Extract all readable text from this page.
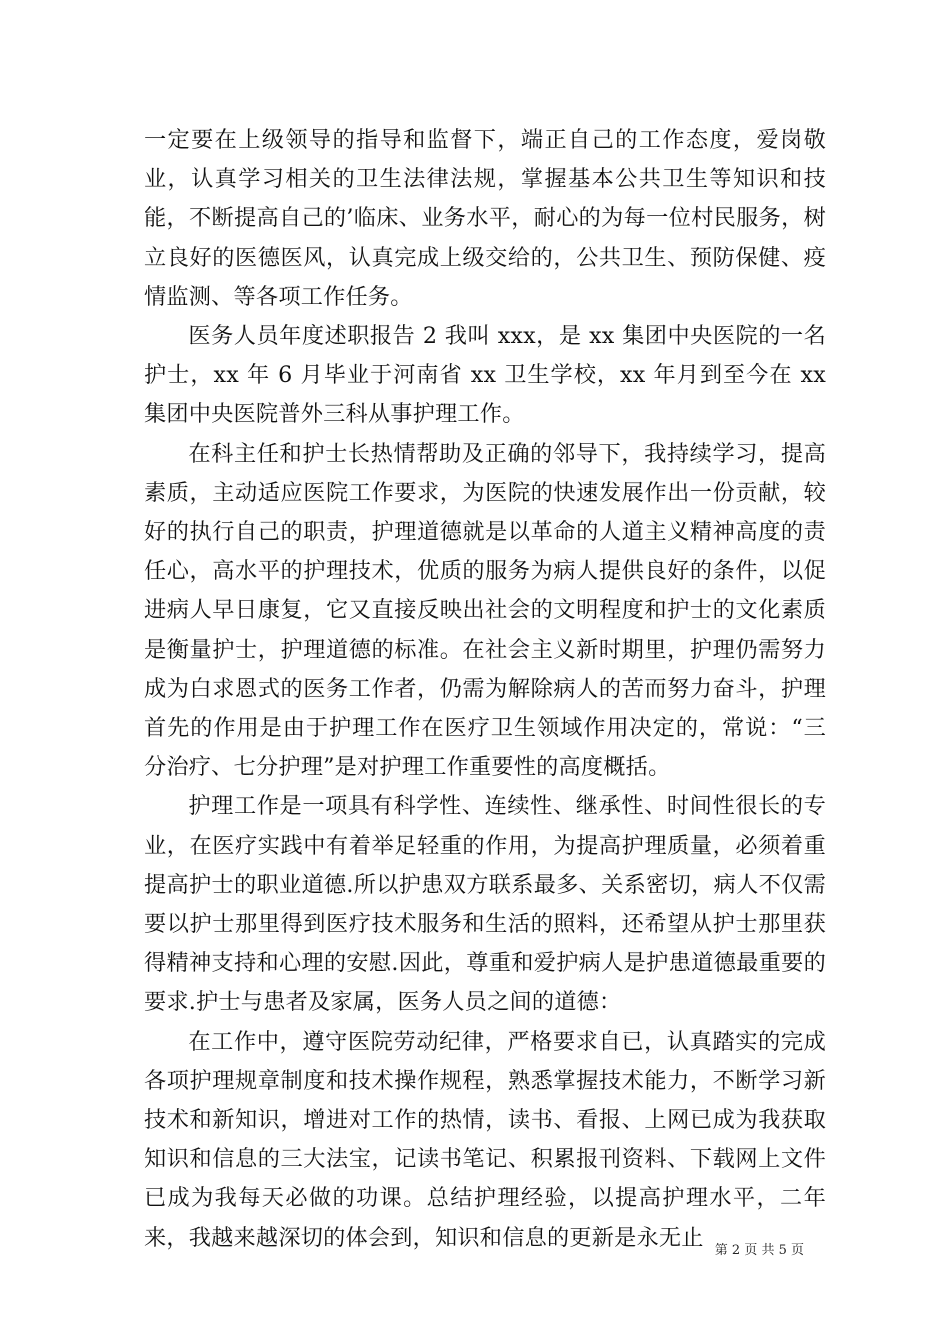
一定要在上级领导的指导和监督下，端正自己的工作态度，爱岗敬业，认真学习相关的卫生法律法规，掌握基本公共卫生等知识和技能，不断提高自己的’临床、业务水平，耐心的为每一位村民服务，树立良好的医德医风，认真完成上级交给的，公共卫生、预防保健、疫情监测、等各项工作任务。

医务人员年度述职报告 2 我叫 xxx，是 xx 集团中央医院的一名护士，xx 年 6 月毕业于河南省 xx 卫生学校，xx 年月到至今在 xx 集团中央医院普外三科从事护理工作。

在科主任和护士长热情帮助及正确的邻导下，我持续学习，提高素质，主动适应医院工作要求，为医院的快速发展作出一份贡献，较好的执行自己的职责，护理道德就是以革命的人道主义精神高度的责任心，高水平的护理技术，优质的服务为病人提供良好的条件，以促进病人早日康复，它又直接反映出社会的文明程度和护士的文化素质是衡量护士，护理道德的标准。在社会主义新时期里，护理仍需努力成为白求恩式的医务工作者，仍需为解除病人的苦而努力奋斗，护理首先的作用是由于护理工作在医疗卫生领域作用决定的，常说：“三分治疗、七分护理”是对护理工作重要性的高度概括。

护理工作是一项具有科学性、连续性、继承性、时间性很长的专业，在医疗实践中有着举足轻重的作用，为提高护理质量，必须着重提高护士的职业道德.所以护患双方联系最多、关系密切，病人不仅需要以护士那里得到医疗技术服务和生活的照料，还希望从护士那里获得精神支持和心理的安慰.因此，尊重和爱护病人是护患道德最重要的要求.护士与患者及家属，医务人员之间的道德：

在工作中，遵守医院劳动纪律，严格要求自已，认真踏实的完成各项护理规章制度和技术操作规程，熟悉掌握技术能力，不断学习新技术和新知识，增进对工作的热情，读书、看报、上网已成为我获取知识和信息的三大法宝，记读书笔记、积累报刊资料、下载网上文件已成为我每天必做的功课。总结护理经验，以提高护理水平，二年来，我越来越深切的体会到，知识和信息的更新是永无止 第 2 页 共 5 页
